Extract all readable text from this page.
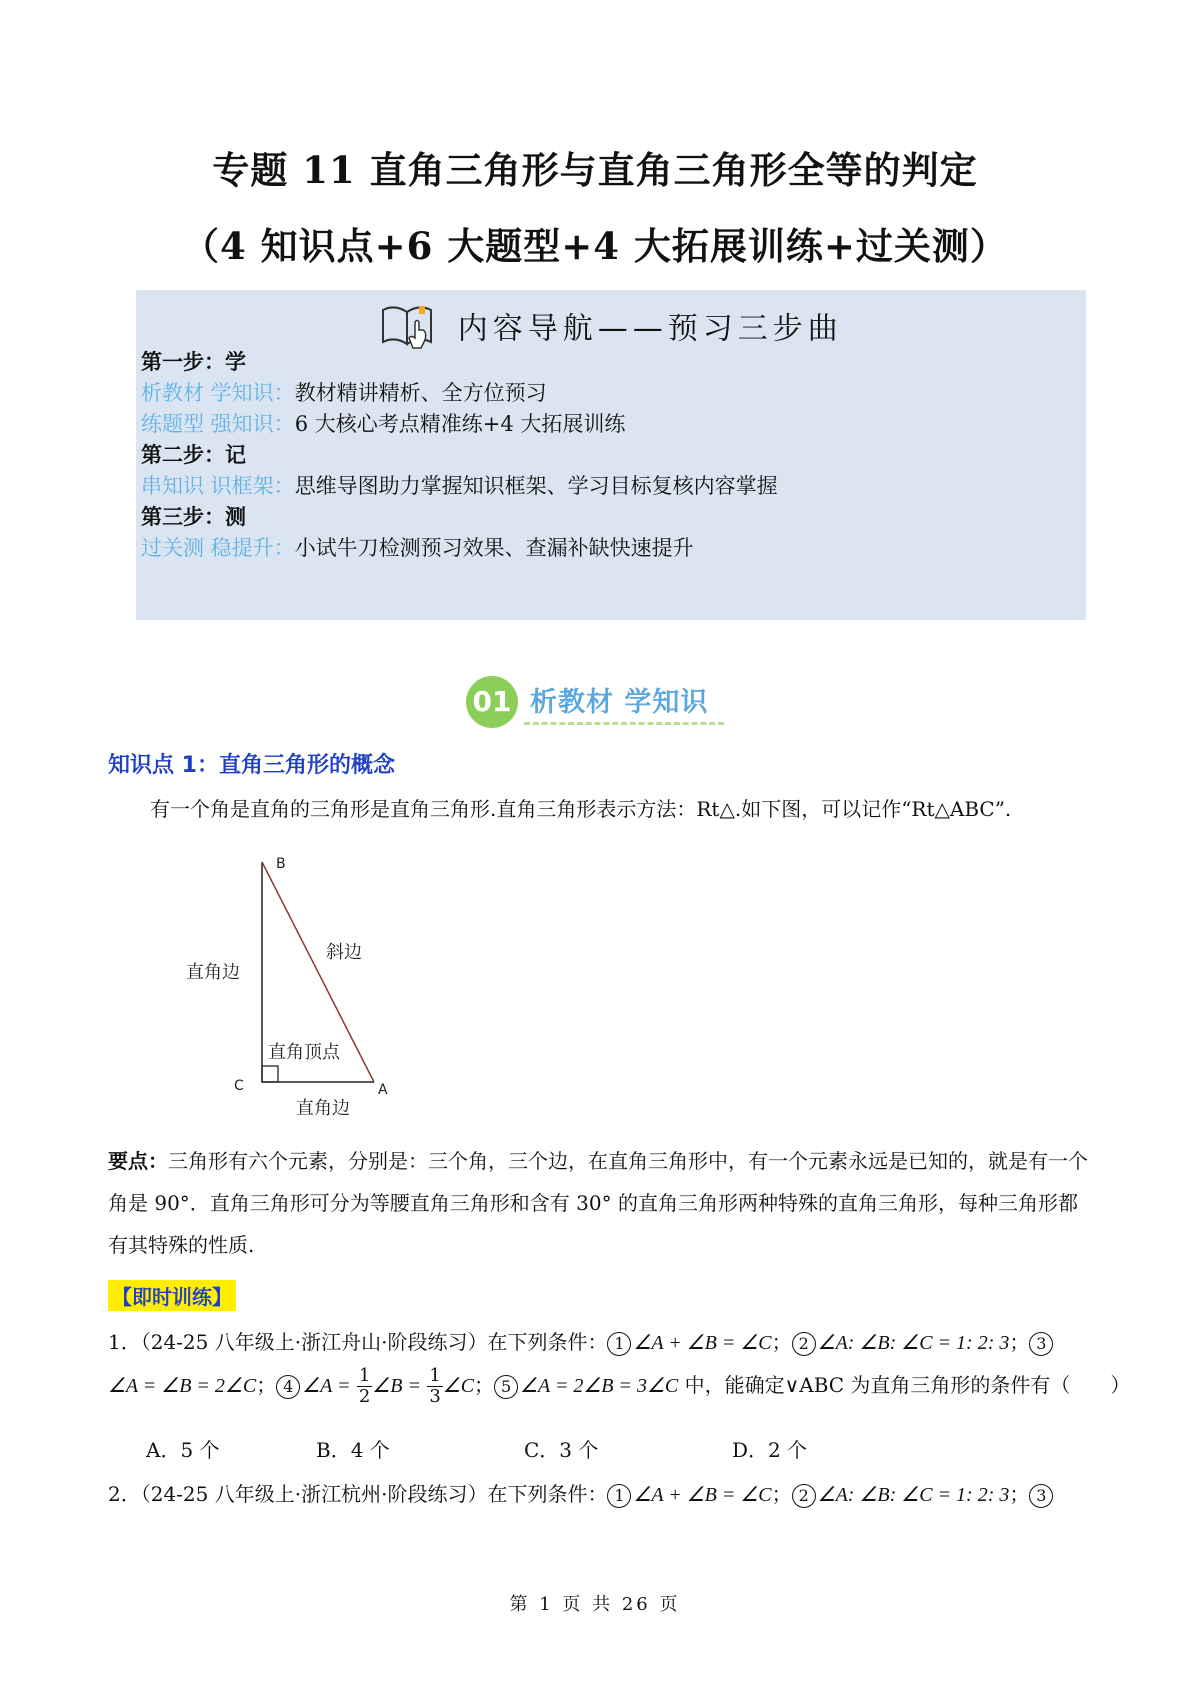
专题 11 直角三角形与直角三角形全等的判定
（4 知识点+6 大题型+4 大拓展训练+过关测）
内容导航——预习三步曲
第一步：学
析教材 学知识：教材精讲精析、全方位预习
练题型 强知识：6 大核心考点精准练+4 大拓展训练
第二步：记
串知识 识框架：思维导图助力掌握知识框架、学习目标复核内容掌握
第三步：测
过关测 稳提升：小试牛刀检测预习效果、查漏补缺快速提升
01 析教材 学知识
知识点 1：直角三角形的概念
有一个角是直角的三角形是直角三角形.直角三角形表示方法：Rt△.如下图，可以记作“Rt△ABC”.
B
C	A
直角边
斜边
直角顶点
直角边
要点：三角形有六个元素，分别是：三个角，三个边，在直角三角形中，有一个元素永远是已知的，就是有一个角是 90°．直角三角形可分为等腰直角三角形和含有 30° 的直角三角形两种特殊的直角三角形，每种三角形都有其特殊的性质.
【即时训练】
1．（24-25 八年级上·浙江舟山·阶段练习）在下列条件： 1 ∠A + ∠B = ∠C； 2 ∠A: ∠B: ∠C = 1: 2: 3； 3
∠A = ∠B = 2∠C； 4 ∠A = $\frac{1}{2}$ ∠B = $\frac{1}{3}$ ∠C； 5 ∠A = 2∠B = 3∠C 中，能确定∨ABC 为直角三角形的条件有（　　）
A．5 个	B．4 个	C．3 个	D．2 个
2．（24-25 八年级上·浙江杭州·阶段练习）在下列条件： 1 ∠A + ∠B = ∠C； 2 ∠A: ∠B: ∠C = 1: 2: 3； 3
第 1 页 共 26 页
